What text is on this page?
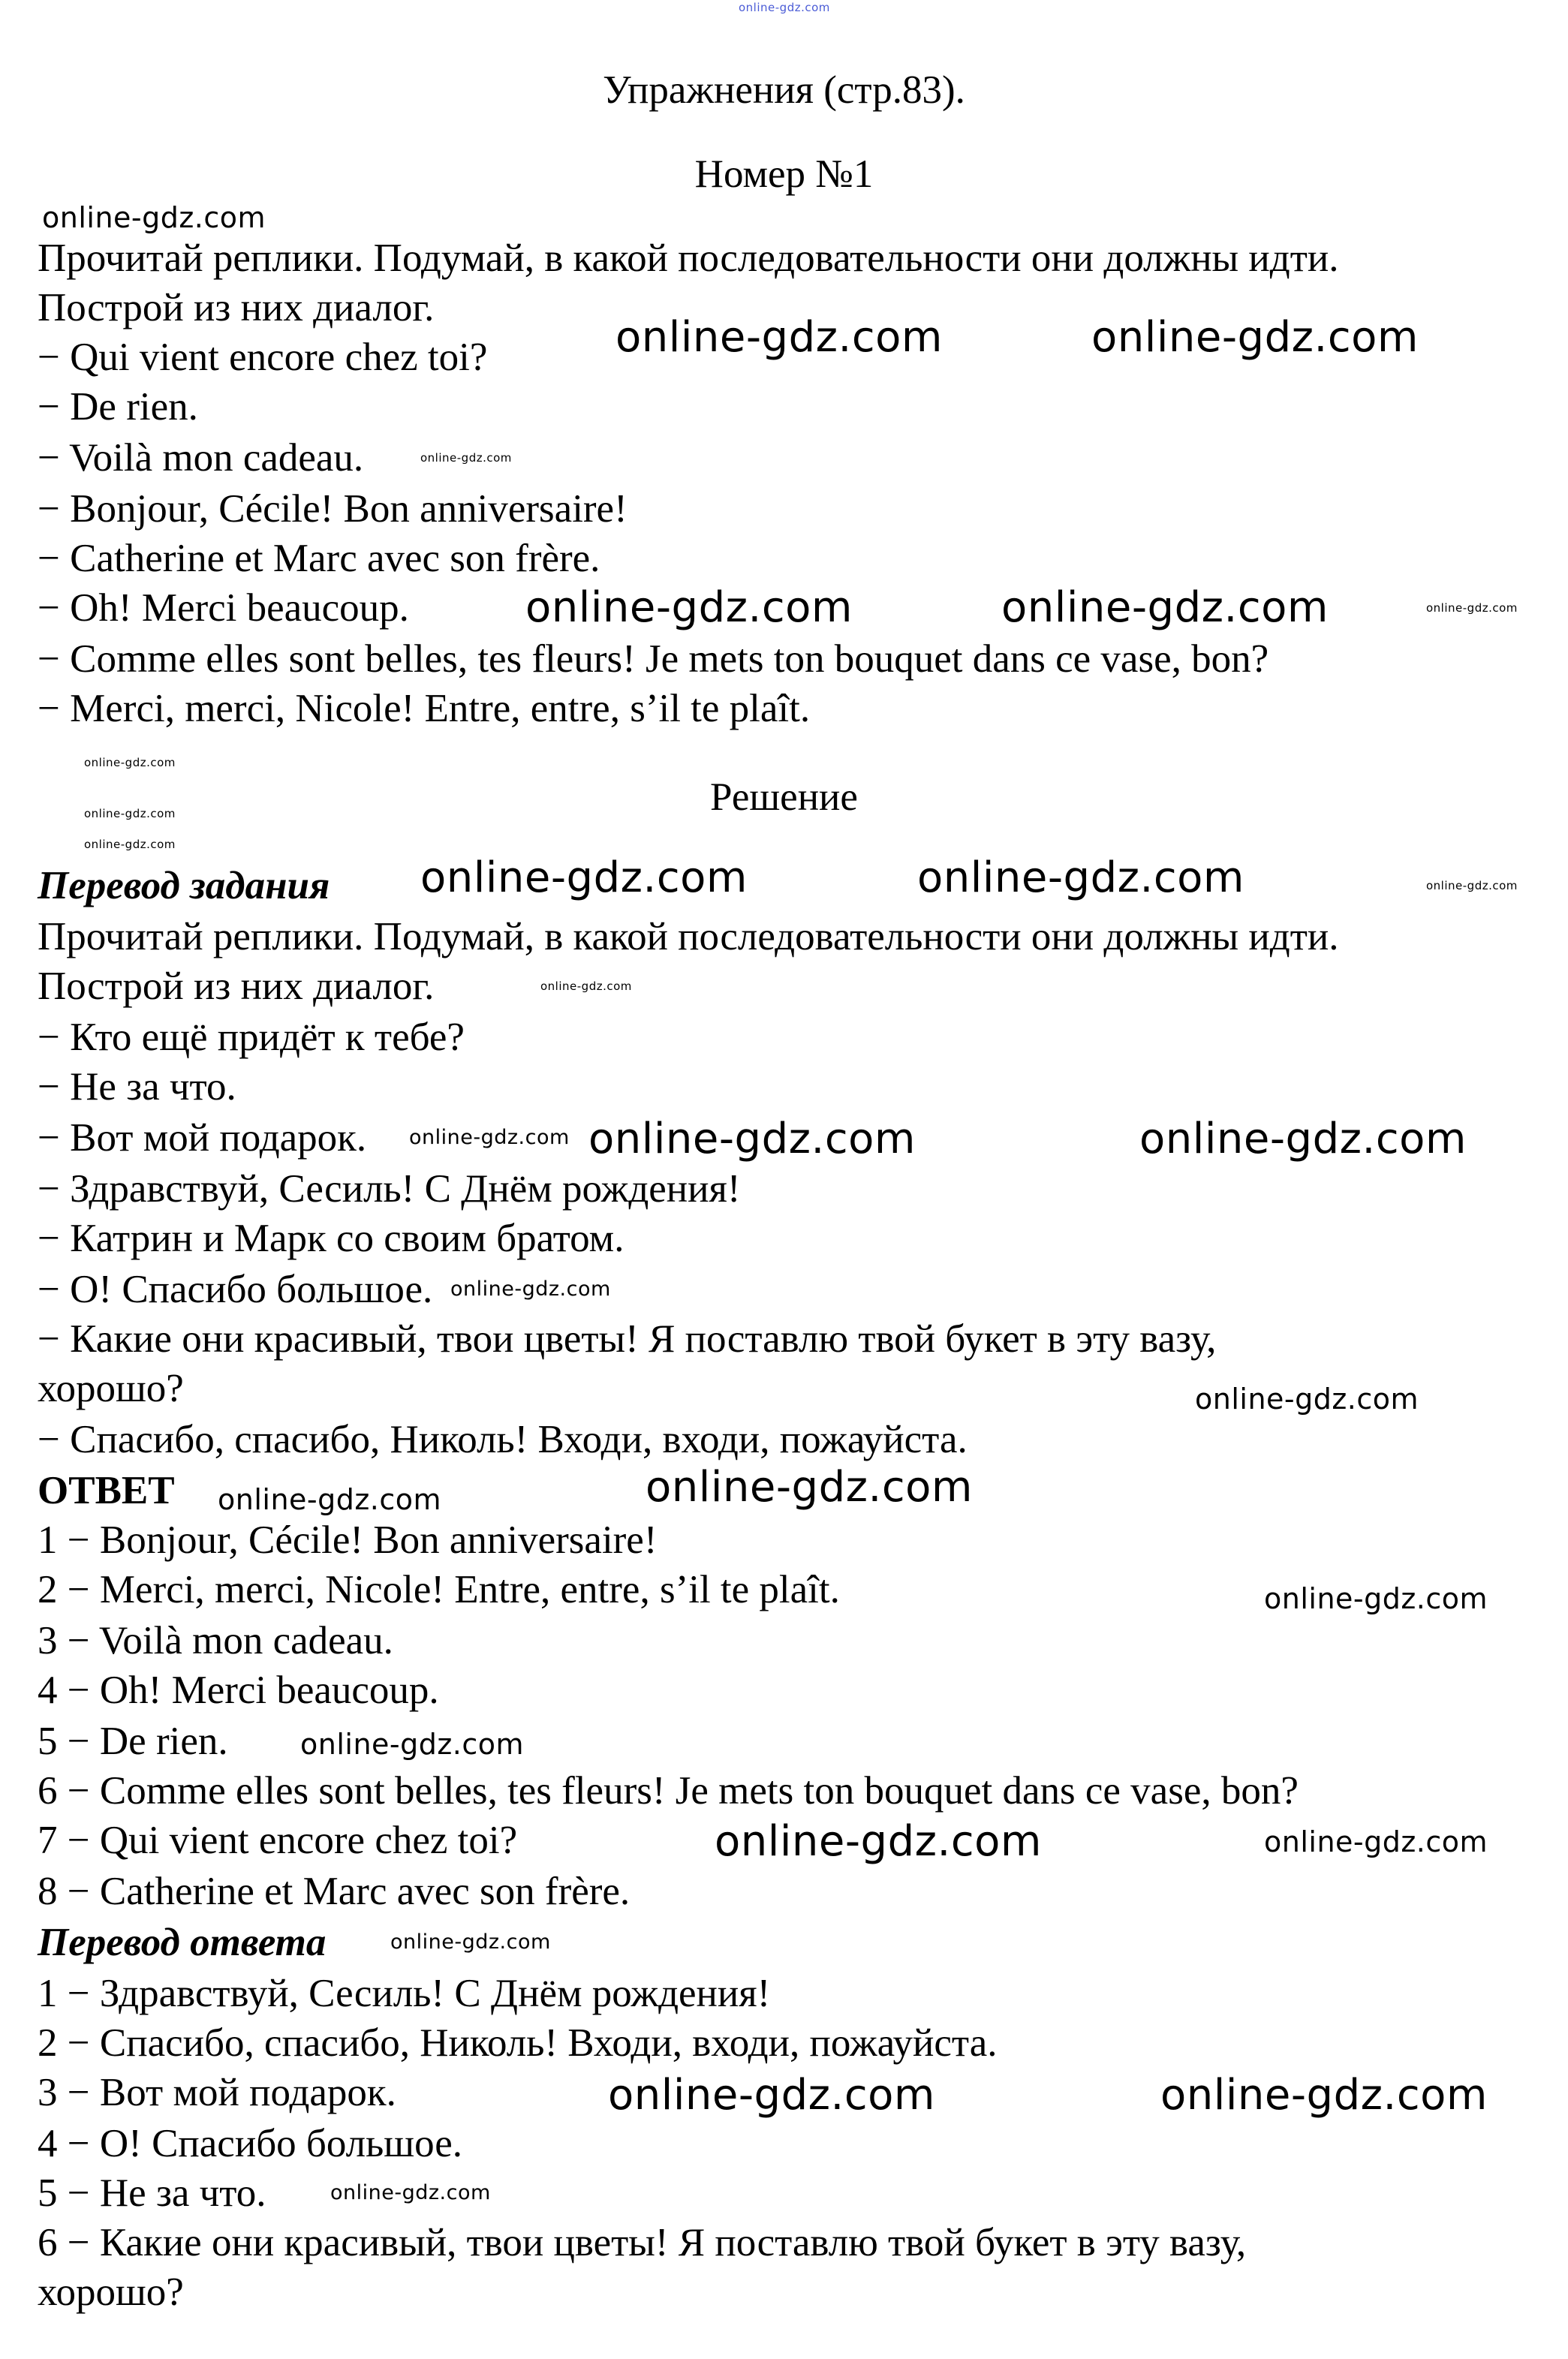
Упражнения (стр.83).
Номер №1
Прочитай реплики. Подумай, в какой последовательности они должны идти.
Построй из них диалог.
− Qui vient encore chez toi?
− De rien.
− Voilà mon cadeau.
− Bonjour, Cécile! Bon anniversaire!
− Catherine et Marc avec son frère.
− Oh! Merci beaucoup.
− Comme elles sont belles, tes fleurs! Je mets ton bouquet dans ce vase, bon?
− Merci, merci, Nicole! Entre, entre, s’il te plaît.
Решение
Перевод задания
Прочитай реплики. Подумай, в какой последовательности они должны идти.
Построй из них диалог.
− Кто ещё придёт к тебе?
− Не за что.
− Вот мой подарок.
− Здравствуй, Сесиль! С Днём рождения!
− Катрин и Марк со своим братом.
− О! Спасибо большое.
− Какие они красивый, твои цветы! Я поставлю твой букет в эту вазу,
хорошо?
− Спасибо, спасибо, Николь! Входи, входи, пожауйста.
ОТВЕТ
1 − Bonjour, Cécile! Bon anniversaire!
2 − Merci, merci, Nicole! Entre, entre, s’il te plaît.
3 − Voilà mon cadeau.
4 − Oh! Merci beaucoup.
5 − De rien.
6 − Comme elles sont belles, tes fleurs! Je mets ton bouquet dans ce vase, bon?
7 − Qui vient encore chez toi?
8 − Catherine et Marc avec son frère.
Перевод ответа
1 − Здравствуй, Сесиль! С Днём рождения!
2 − Спасибо, спасибо, Николь! Входи, входи, пожауйста.
3 − Вот мой подарок.
4 − О! Спасибо большое.
5 − Не за что.
6 − Какие они красивый, твои цветы! Я поставлю твой букет в эту вазу,
хорошо?
online-gdz.com
online-gdz.com	online-gdz.com
online-gdz.com	online-gdz.com
online-gdz.com	online-gdz.com
online-gdz.com	online-gdz.com
online-gdz.com
online-gdz.com
online-gdz.com	online-gdz.com
online-gdz.com
online-gdz.com
online-gdz.com
online-gdz.com
online-gdz.com
online-gdz.com
online-gdz.com
online-gdz.com
online-gdz.com
online-gdz.com
online-gdz.com
online-gdz.com
online-gdz.com
online-gdz.com
online-gdz.com
online-gdz.com
online-gdz.com
